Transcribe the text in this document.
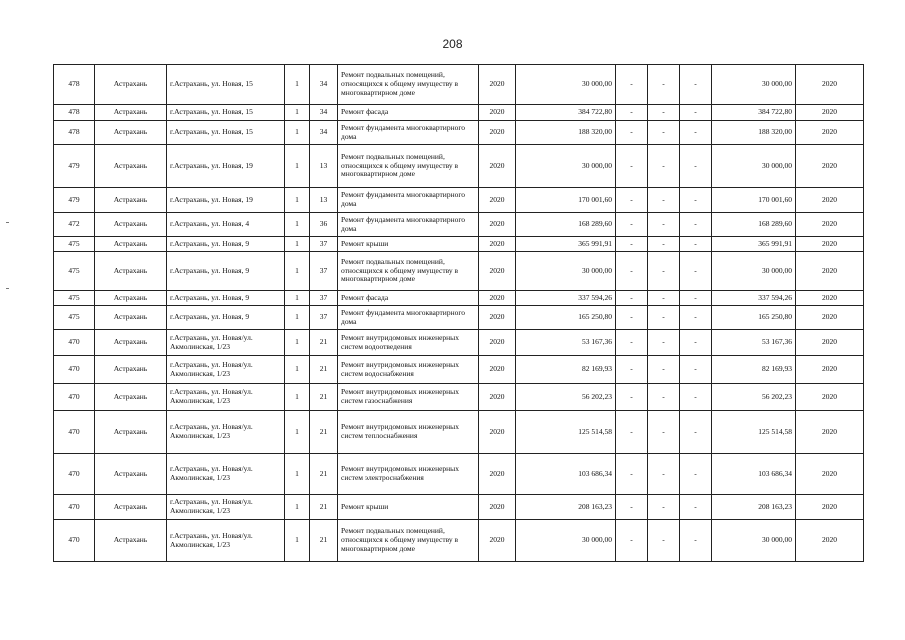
208
478	Астрахань	г.Астрахань, ул. Новая, 15	1	34	Ремонт подвальных помещений, относящихся к общему имуществу в многоквартирном доме	2020	30 000,00	-	-	-	30 000,00	2020
478	Астрахань	г.Астрахань, ул. Новая, 15	1	34	Ремонт фасада	2020	384 722,80	-	-	-	384 722,80	2020
478	Астрахань	г.Астрахань, ул. Новая, 15	1	34	Ремонт фундамента многоквартирного дома	2020	188 320,00	-	-	-	188 320,00	2020
479	Астрахань	г.Астрахань, ул. Новая, 19	1	13	Ремонт подвальных помещений, относящихся к общему имуществу в многоквартирном доме	2020	30 000,00	-	-	-	30 000,00	2020
479	Астрахань	г.Астрахань, ул. Новая, 19	1	13	Ремонт фундамента многоквартирного дома	2020	170 001,60	-	-	-	170 001,60	2020
472	Астрахань	г.Астрахань, ул. Новая, 4	1	36	Ремонт фундамента многоквартирного дома	2020	168 289,60	-	-	-	168 289,60	2020
475	Астрахань	г.Астрахань, ул. Новая, 9	1	37	Ремонт крыши	2020	365 991,91	-	-	-	365 991,91	2020
475	Астрахань	г.Астрахань, ул. Новая, 9	1	37	Ремонт подвальных помещений, относящихся к общему имуществу в многоквартирном доме	2020	30 000,00	-	-	-	30 000,00	2020
475	Астрахань	г.Астрахань, ул. Новая, 9	1	37	Ремонт фасада	2020	337 594,26	-	-	-	337 594,26	2020
475	Астрахань	г.Астрахань, ул. Новая, 9	1	37	Ремонт фундамента многоквартирного дома	2020	165 250,80	-	-	-	165 250,80	2020
470	Астрахань	г.Астрахань, ул. Новая/ул. Акмолинская, 1/23	1	21	Ремонт внутридомовых инженерных систем водоотведения	2020	53 167,36	-	-	-	53 167,36	2020
470	Астрахань	г.Астрахань, ул. Новая/ул. Акмолинская, 1/23	1	21	Ремонт внутридомовых инженерных систем водоснабжения	2020	82 169,93	-	-	-	82 169,93	2020
470	Астрахань	г.Астрахань, ул. Новая/ул. Акмолинская, 1/23	1	21	Ремонт внутридомовых инженерных систем газоснабжения	2020	56 202,23	-	-	-	56 202,23	2020
470	Астрахань	г.Астрахань, ул. Новая/ул. Акмолинская, 1/23	1	21	Ремонт внутридомовых инженерных систем теплоснабжения	2020	125 514,58	-	-	-	125 514,58	2020
470	Астрахань	г.Астрахань, ул. Новая/ул. Акмолинская, 1/23	1	21	Ремонт внутридомовых инженерных систем электроснабжения	2020	103 686,34	-	-	-	103 686,34	2020
470	Астрахань	г.Астрахань, ул. Новая/ул. Акмолинская, 1/23	1	21	Ремонт крыши	2020	208 163,23	-	-	-	208 163,23	2020
470	Астрахань	г.Астрахань, ул. Новая/ул. Акмолинская, 1/23	1	21	Ремонт подвальных помещений, относящихся к общему имуществу в многоквартирном доме	2020	30 000,00	-	-	-	30 000,00	2020
